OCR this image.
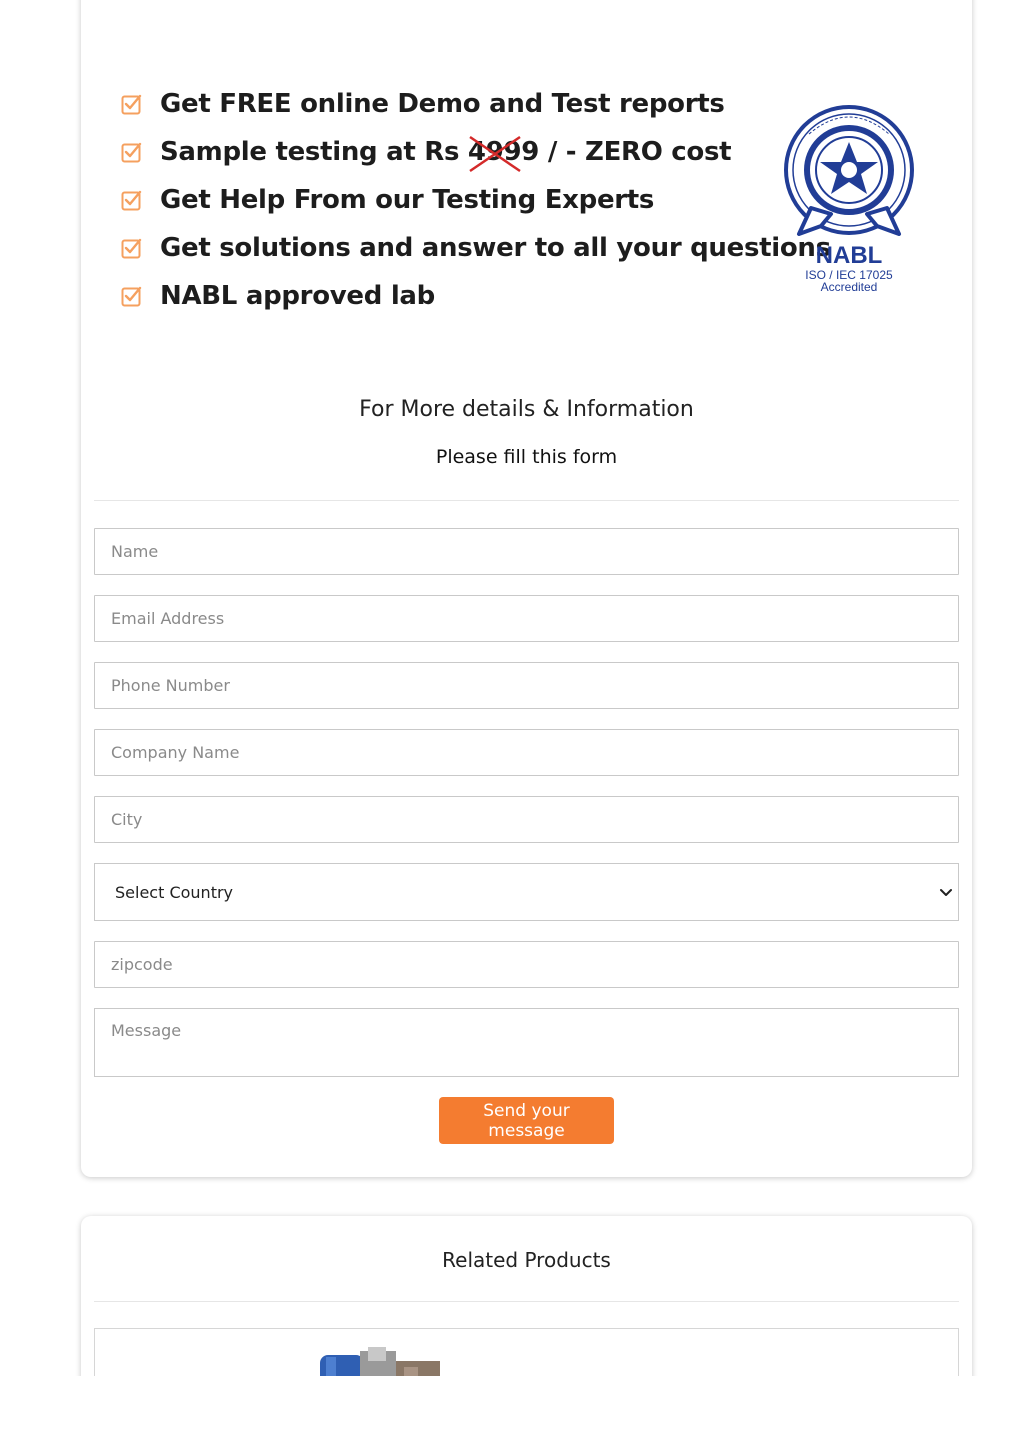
Get FREE online Demo and Test reports
Sample testing at Rs 4999
/ - ZERO cost
Get Help From our Testing Experts
Get solutions and answer to all your questions
NABL approved lab
NABL
ISO / IEC 17025
Accredited
For More details & Information
Please fill this form
Name
Email Address
Phone Number
Company Name
City
Select Country
zipcode
Message
Send your message
Related Products
